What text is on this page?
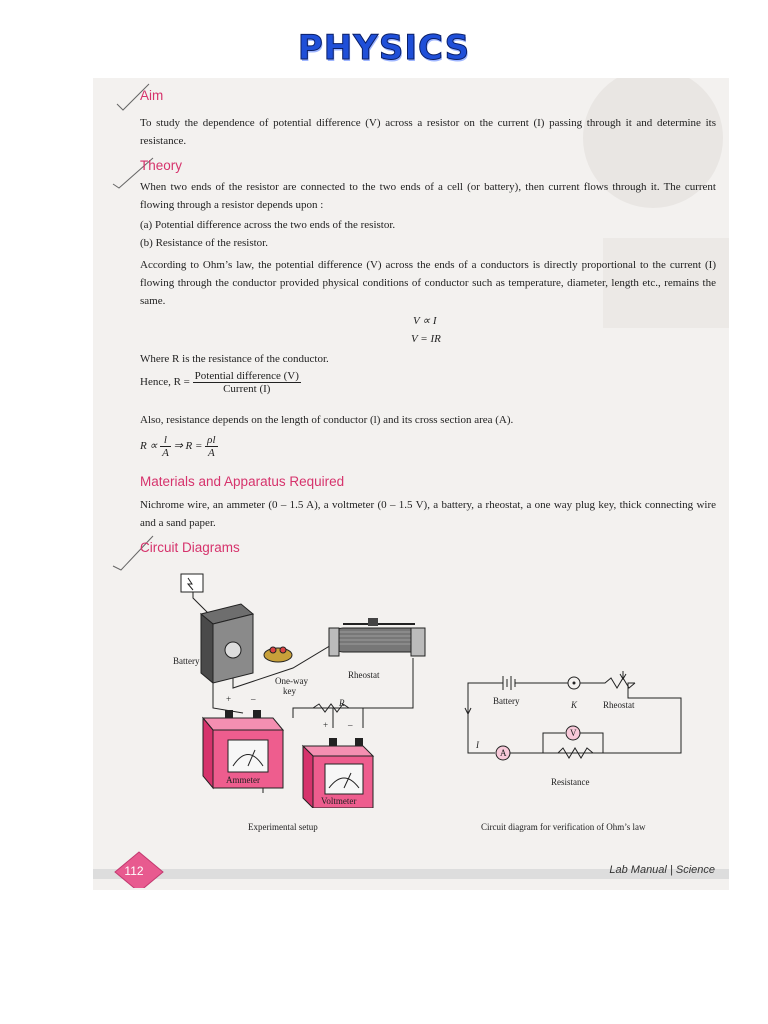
PHYSICS
Aim
To study the dependence of potential difference (V) across a resistor on the current (I) passing through it and determine its resistance.
Theory
When two ends of the resistor are connected to the two ends of a cell (or battery), then current flows through it. The current flowing through a resistor depends upon :
(a) Potential difference across the two ends of the resistor.
(b) Resistance of the resistor.
According to Ohm’s law, the potential difference (V) across the ends of a conductors is directly proportional to the current (I) flowing through the conductor provided physical conditions of conductor such as temperature, diameter, length etc., remains the same.
V ∝ I
V = IR
Where R is the resistance of the conductor.
Hence, $R = \frac{\text{Potential difference (V)}}{\text{Current (I)}}$
Also, resistance depends on the length of conductor (l) and its cross section area (A).
$R \propto \frac{l}{A}$ ⇒ $R = \frac{\rho l}{A}$
Materials and Apparatus Required
Nichrome wire, an ammeter (0 – 1.5 A), a voltmeter (0 – 1.5 V), a battery, a rheostat, a one way plug key, thick connecting wire and a sand paper.
Circuit Diagrams
Battery
One-way
key
Rheostat
R
Ammeter
Voltmeter
+ –
+ –
Battery	K	Rheostat
I
A
V
Resistance
Experimental setup	Circuit diagram for verification of Ohm’s law
112	Lab Manual | Science
